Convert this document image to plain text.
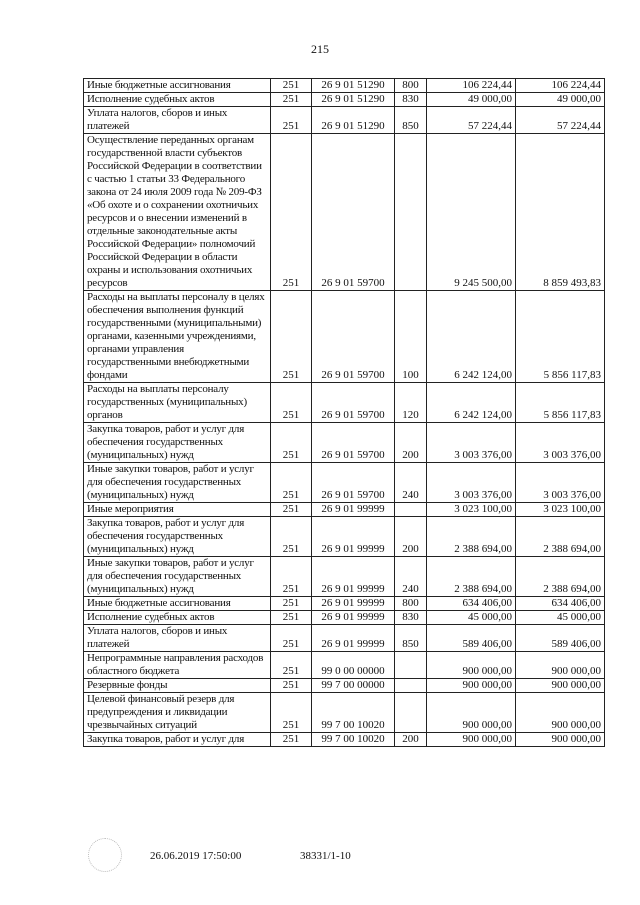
215
Иные бюджетные ассигнования	251	26 9 01 51290	800	106 224,44	106 224,44
Исполнение судебных актов	251	26 9 01 51290	830	49 000,00	49 000,00
Уплата налогов, сборов и иных платежей	251	26 9 01 51290	850	57 224,44	57 224,44
Осуществление переданных органам государственной власти субъектов Российской Федерации в соответствии с частью 1 статьи 33 Федерального закона от 24 июля 2009 года № 209-ФЗ «Об охоте и о сохранении охотничьих ресурсов и о внесении изменений в отдельные законодательные акты Российской Федерации» полномочий Российской Федерации в области охраны и использования охотничьих ресурсов	251	26 9 01 59700		9 245 500,00	8 859 493,83
Расходы на выплаты персоналу в целях обеспечения выполнения функций государственными (муниципальными) органами, казенными учреждениями, органами управления государственными внебюджетными фондами	251	26 9 01 59700	100	6 242 124,00	5 856 117,83
Расходы на выплаты персоналу государственных (муниципальных) органов	251	26 9 01 59700	120	6 242 124,00	5 856 117,83
Закупка товаров, работ и услуг для обеспечения государственных (муниципальных) нужд	251	26 9 01 59700	200	3 003 376,00	3 003 376,00
Иные закупки товаров, работ и услуг для обеспечения государственных (муниципальных) нужд	251	26 9 01 59700	240	3 003 376,00	3 003 376,00
Иные мероприятия	251	26 9 01 99999		3 023 100,00	3 023 100,00
Закупка товаров, работ и услуг для обеспечения государственных (муниципальных) нужд	251	26 9 01 99999	200	2 388 694,00	2 388 694,00
Иные закупки товаров, работ и услуг для обеспечения государственных (муниципальных) нужд	251	26 9 01 99999	240	2 388 694,00	2 388 694,00
Иные бюджетные ассигнования	251	26 9 01 99999	800	634 406,00	634 406,00
Исполнение судебных актов	251	26 9 01 99999	830	45 000,00	45 000,00
Уплата налогов, сборов и иных платежей	251	26 9 01 99999	850	589 406,00	589 406,00
Непрограммные направления расходов областного бюджета	251	99 0 00 00000		900 000,00	900 000,00
Резервные фонды	251	99 7 00 00000		900 000,00	900 000,00
Целевой финансовый резерв для предупреждения и ликвидации чрезвычайных ситуаций	251	99 7 00 10020		900 000,00	900 000,00
Закупка товаров, работ и услуг для	251	99 7 00 10020	200	900 000,00	900 000,00
26.06.2019 17:50:00	38331/1-10
